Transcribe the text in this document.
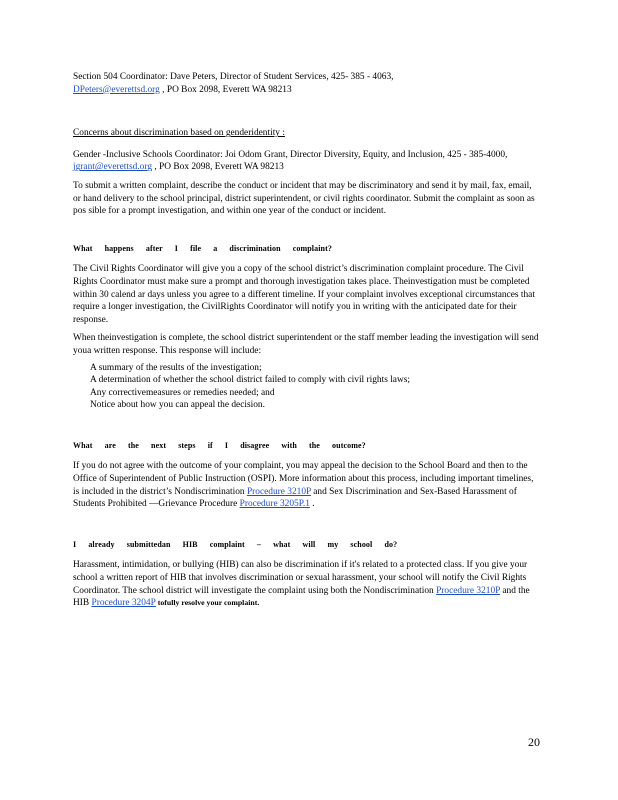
Section 504 Coordinator: Dave Peters, Director of Student Services, 425- 385 - 4063,
DPeters@everettsd.org , PO Box 2098, Everett WA 98213

Concerns about discrimination based on genderidentity :

Gender -Inclusive Schools Coordinator: Joi Odom Grant, Director Diversity, Equity, and Inclusion, 425 - 385-4000, jgrant@everettsd.org , PO Box 2098, Everett WA 98213

To submit a written complaint, describe the conduct or incident that may be discriminatory and send it by mail, fax, email, or hand delivery to the school principal, district superintendent, or civil rights coordinator. Submit the complaint as soon as pos sible for a prompt investigation, and within one year of the conduct or incident.

What happens after I file a discrimination complaint?

The Civil Rights Coordinator will give you a copy of the school district’s discrimination complaint procedure. The Civil Rights Coordinator must make sure a prompt and thorough investigation takes place. Theinvestigation must be completed within 30 calend ar days unless you agree to a different timeline. If your complaint involves exceptional circumstances that require a longer investigation, the CivilRights Coordinator will notify you in writing with the anticipated date for their response.

When theinvestigation is complete, the school district superintendent or the staff member leading the investigation will send youa written response. This response will include:

A summary of the results of the investigation;
A determination of whether the school district failed to comply with civil rights laws;
Any correctivemeasures or remedies needed; and
Notice about how you can appeal the decision.

What are the next steps if I disagree with the outcome?

If you do not agree with the outcome of your complaint, you may appeal the decision to the School Board and then to the Office of Superintendent of Public Instruction (OSPI). More information about this process, including important timelines, is included in the district’s Nondiscrimination Procedure 3210P and Sex Discrimination and Sex-Based Harassment of Students Prohibited —Grievance Procedure Procedure 3205P.1 .

I already submittedan HIB complaint – what will my school do?

Harassment, intimidation, or bullying (HIB) can also be discrimination if it's related to a protected class. If you give your school a written report of HIB that involves discrimination or sexual harassment, your school will notify the Civil Rights Coordinator. The school district will investigate the complaint using both the Nondiscrimination Procedure 3210P and the HIB Procedure 3204P tofully resolve your complaint.

20
